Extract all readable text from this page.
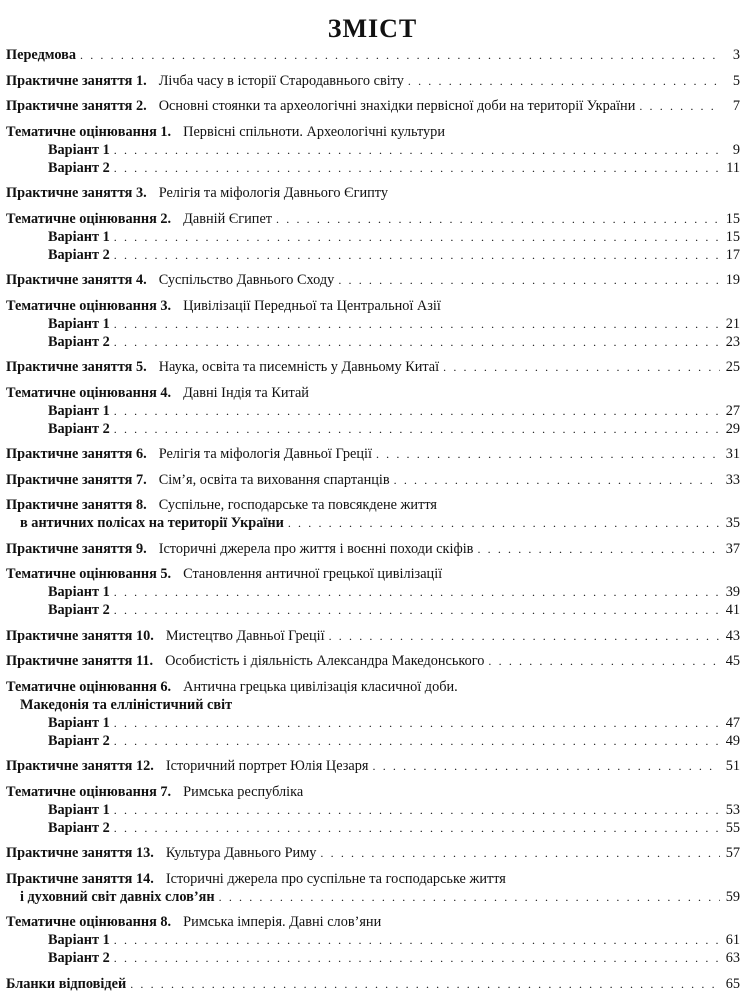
ЗМІСТ
Передмова . . .	3
Практичне заняття 1. Лічба часу в історії Стародавнього світу . . .	5
Практичне заняття 2. Основні стоянки та археологічні знахідки первісної доби на території України . . .	7
Тематичне оцінювання 1. Первісні спільноти. Археологічні культури
Варіант 1 . . .	9
Варіант 2 . . .	11
Практичне заняття 3. Релігія та міфологія Давнього Єгипту
Тематичне оцінювання 2. Давній Єгипет . . .	15
Варіант 1 . . .	15
Варіант 2 . . .	17
Практичне заняття 4. Суспільство Давнього Сходу . . .	19
Тематичне оцінювання 3. Цивілізації Передньої та Центральної Азії
Варіант 1 . . .	21
Варіант 2 . . .	23
Практичне заняття 5. Наука, освіта та писемність у Давньому Китаї . . .	25
Тематичне оцінювання 4. Давні Індія та Китай
Варіант 1 . . .	27
Варіант 2 . . .	29
Практичне заняття 6. Релігія та міфологія Давньої Греції . . .	31
Практичне заняття 7. Сім’я, освіта та виховання спартанців . . .	33
Практичне заняття 8. Суспільне, господарське та повсякдене життя
в античних полісах на території України . . .	35
Практичне заняття 9. Історичні джерела про життя і воєнні походи скіфів . . .	37
Тематичне оцінювання 5. Становлення античної грецької цивілізації
Варіант 1 . . .	39
Варіант 2 . . .	41
Практичне заняття 10. Мистецтво Давньої Греції . . .	43
Практичне заняття 11. Особистість і діяльність Александра Македонського . . .	45
Тематичне оцінювання 6. Антична грецька цивілізація класичної доби.
Македонія та елліністичний світ
Варіант 1 . . .	47
Варіант 2 . . .	49
Практичне заняття 12. Історичний портрет Юлія Цезаря . . .	51
Тематичне оцінювання 7. Римська республіка
Варіант 1 . . .	53
Варіант 2 . . .	55
Практичне заняття 13. Культура Давнього Риму . . .	57
Практичне заняття 14. Історичні джерела про суспільне та господарське життя
і духовний світ давніх слов’ян . . .	59
Тематичне оцінювання 8. Римська імперія. Давні слов’яни
Варіант 1 . . .	61
Варіант 2 . . .	63
Бланки відповідей . . .	65
